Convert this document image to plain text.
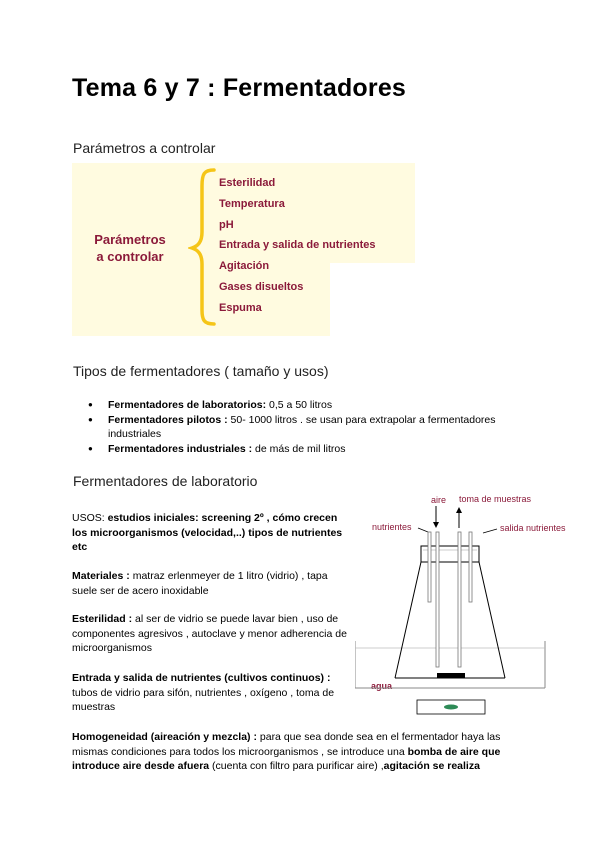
Tema 6 y 7 : Fermentadores
Parámetros a controlar
Parámetros
a controlar
Esterilidad
Temperatura
pH
Entrada y salida de nutrientes
Agitación
Gases disueltos
Espuma
Tipos de fermentadores ( tamaño y usos)
● Fermentadores de laboratorios: 0,5 a 50 litros
● Fermentadores pilotos : 50- 1000 litros . se usan para extrapolar a fermentadores industriales
● Fermentadores industriales : de más de mil litros
Fermentadores de laboratorio
USOS: estudios iniciales: screening 2º , cómo crecen los microorganismos (velocidad,..) tipos de nutrientes etc
Materiales : matraz erlenmeyer de 1 litro (vidrio) , tapa suele ser de acero inoxidable
Esterilidad : al ser de vidrio se puede lavar bien , uso de componentes agresivos , autoclave y menor adherencia de microorganismos
Entrada y salida de nutrientes (cultivos continuos) : tubos de vidrio para sifón, nutrientes , oxígeno , toma de muestras
Homogeneidad (aireación y mezcla) : para que sea donde sea en el fermentador haya las mismas condiciones para todos los microorganismos , se introduce una bomba de aire que introduce aire desde afuera (cuenta con filtro para purificar aire) ,agitación se realiza
aire toma de muestras
nutrientes	salida nutrientes
agua
